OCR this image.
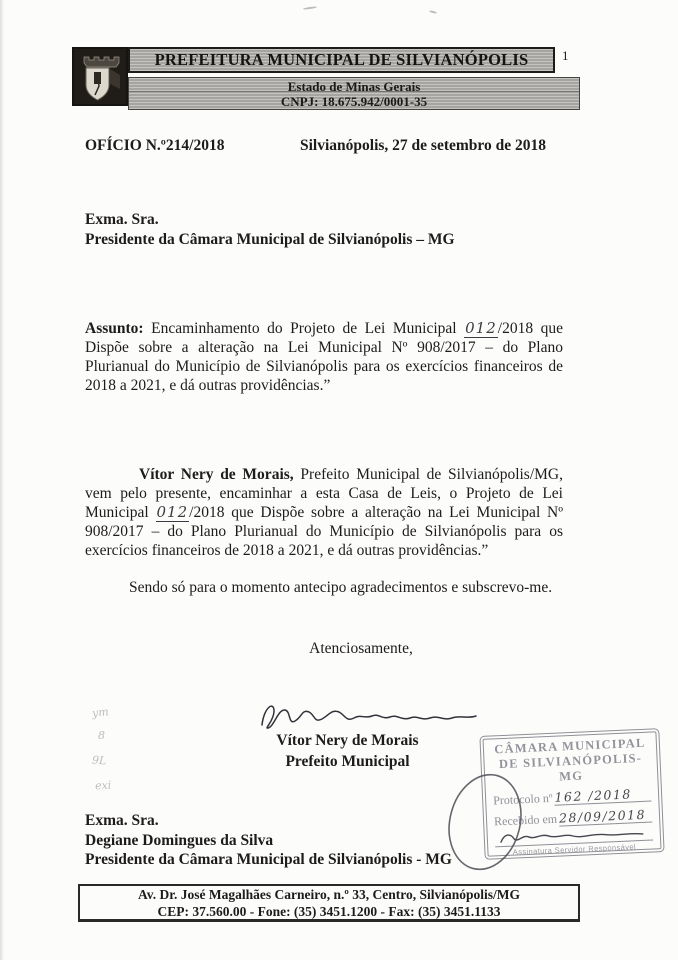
PREFEITURA MUNICIPAL DE SILVIANÓPOLIS	1
Estado de Minas Gerais
CNPJ: 18.675.942/0001-35
OFÍCIO N.º214/2018	Silvianópolis, 27 de setembro de 2018
Exma. Sra.
Presidente da Câmara Municipal de Silvianópolis – MG

Assunto: Encaminhamento do Projeto de Lei Municipal 012/2018 que Dispõe sobre a alteração na Lei Municipal Nº 908/2017 – do Plano Plurianual do Município de Silvianópolis para os exercícios financeiros de 2018 a 2021, e dá outras providências.”

Vítor Nery de Morais, Prefeito Municipal de Silvianópolis/MG, vem pelo presente, encaminhar a esta Casa de Leis, o Projeto de Lei Municipal 012/2018 que Dispõe sobre a alteração na Lei Municipal Nº 908/2017 – do Plano Plurianual do Município de Silvianópolis para os exercícios financeiros de 2018 a 2021, e dá outras providências.”

Sendo só para o momento antecipo agradecimentos e subscrevo-me.

Atenciosamente,
Vítor Nery de Morais
Prefeito Municipal
CÂMARA MUNICIPAL
DE SILVIANÓPOLIS-MG
Protocolo nº 162 /2018
Recebido em 28/09/2018
Assinatura Servidor Responsável
Exma. Sra.
Degiane Domingues da Silva
Presidente da Câmara Municipal de Silvianópolis - MG
Av. Dr. José Magalhães Carneiro, n.º 33, Centro, Silvianópolis/MG
CEP: 37.560.00 - Fone: (35) 3451.1200 - Fax: (35) 3451.1133
ym
8
9L
exi
